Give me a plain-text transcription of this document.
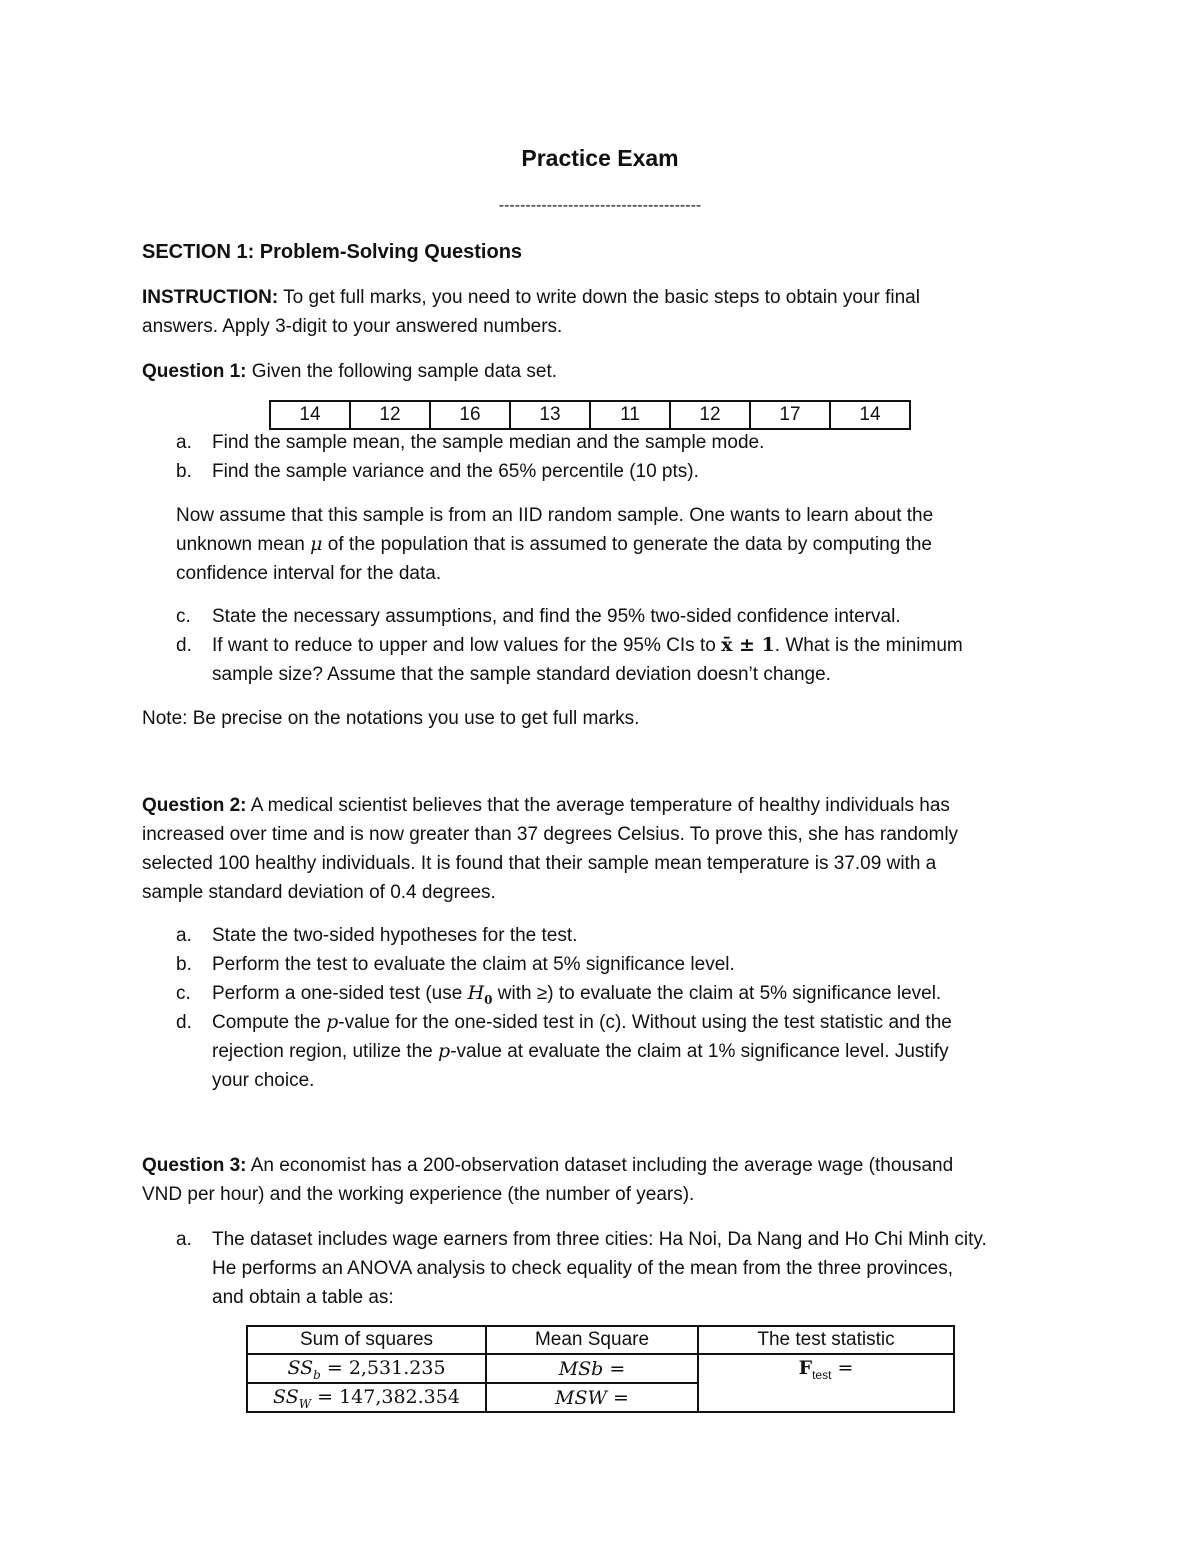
Practice Exam
--------------------------------------
SECTION 1: Problem-Solving Questions
INSTRUCTION: To get full marks, you need to write down the basic steps to obtain your final
answers. Apply 3-digit to your answered numbers.
Question 1: Given the following sample data set.
14	12	16	13	11	12	17	14
a. Find the sample mean, the sample median and the sample mode.
b. Find the sample variance and the 65% percentile (10 pts).
Now assume that this sample is from an IID random sample. One wants to learn about the
unknown mean μ of the population that is assumed to generate the data by computing the
confidence interval for the data.
c. State the necessary assumptions, and find the 95% two-sided confidence interval.
d. If want to reduce to upper and low values for the 95% CIs to x̄ ± 1. What is the minimum
sample size? Assume that the sample standard deviation doesn’t change.
Note: Be precise on the notations you use to get full marks.
Question 2: A medical scientist believes that the average temperature of healthy individuals has
increased over time and is now greater than 37 degrees Celsius. To prove this, she has randomly
selected 100 healthy individuals. It is found that their sample mean temperature is 37.09 with a
sample standard deviation of 0.4 degrees.
a. State the two-sided hypotheses for the test.
b. Perform the test to evaluate the claim at 5% significance level.
c. Perform a one-sided test (use $H_0$ with ≥) to evaluate the claim at 5% significance level.
d. Compute the p-value for the one-sided test in (c). Without using the test statistic and the
rejection region, utilize the p-value at evaluate the claim at 1% significance level. Justify
your choice.
Question 3: An economist has a 200-observation dataset including the average wage (thousand
VND per hour) and the working experience (the number of years).
a. The dataset includes wage earners from three cities: Ha Noi, Da Nang and Ho Chi Minh city.
He performs an ANOVA analysis to check equality of the mean from the three provinces,
and obtain a table as:
Sum of squares	Mean Square	The test statistic
$SS_b = 2,531.235$	MSb =	$F_{test}$ =
$SS_W = 147,382.354$	MSW =	
